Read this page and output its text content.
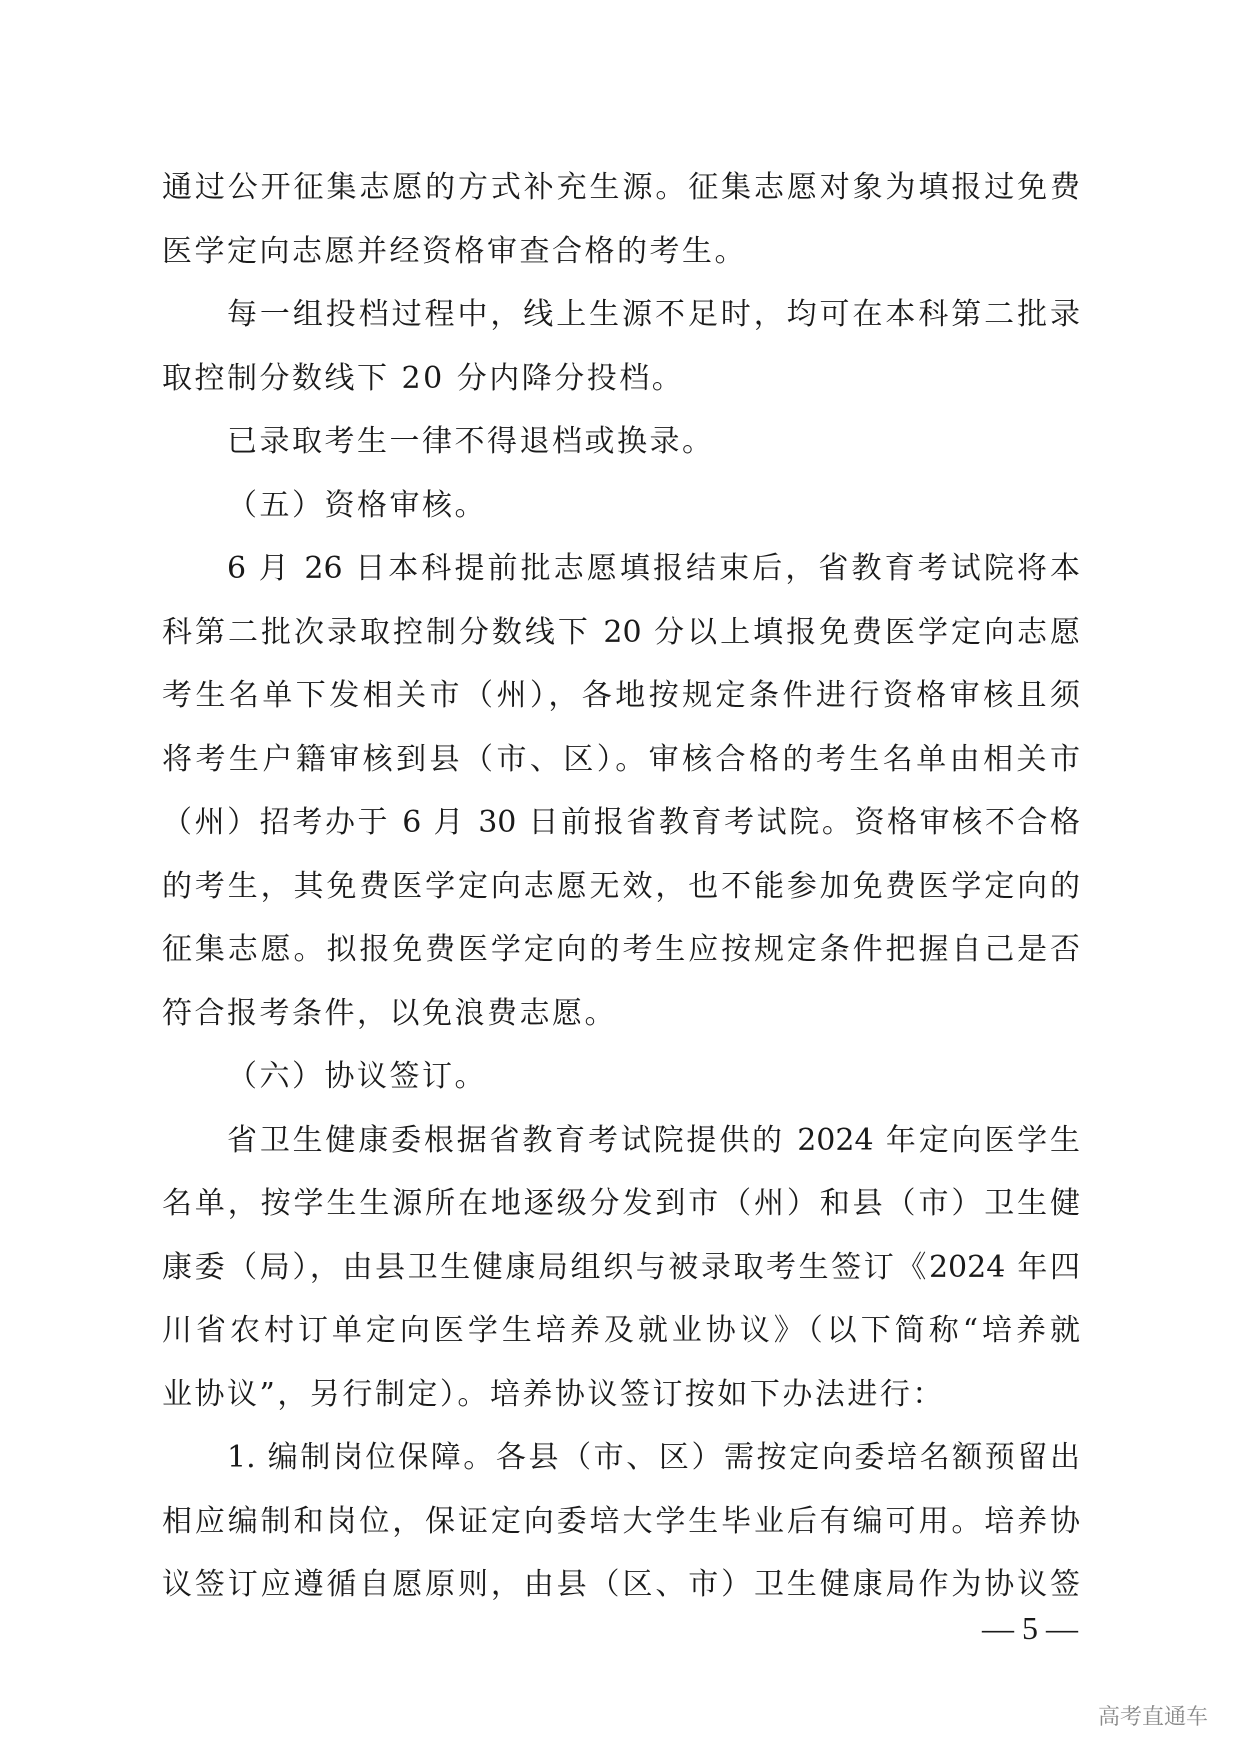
通过公开征集志愿的方式补充生源。征集志愿对象为填报过免费
医学定向志愿并经资格审查合格的考生。
每一组投档过程中，线上生源不足时，均可在本科第二批录
取控制分数线下 20 分内降分投档。
已录取考生一律不得退档或换录。
（五）资格审核。
6 月 26 日本科提前批志愿填报结束后，省教育考试院将本
科第二批次录取控制分数线下 20 分以上填报免费医学定向志愿
考生名单下发相关市（州），各地按规定条件进行资格审核且须
将考生户籍审核到县（市、区）。审核合格的考生名单由相关市
（州）招考办于 6 月 30 日前报省教育考试院。资格审核不合格
的考生，其免费医学定向志愿无效，也不能参加免费医学定向的
征集志愿。拟报免费医学定向的考生应按规定条件把握自己是否
符合报考条件，以免浪费志愿。
（六）协议签订。
省卫生健康委根据省教育考试院提供的 2024 年定向医学生
名单，按学生生源所在地逐级分发到市（州）和县（市）卫生健
康委（局），由县卫生健康局组织与被录取考生签订《2024 年四
川省农村订单定向医学生培养及就业协议》（以下简称“培养就
业协议”，另行制定）。培养协议签订按如下办法进行：
1. 编制岗位保障。各县（市、区）需按定向委培名额预留出
相应编制和岗位，保证定向委培大学生毕业后有编可用。培养协
议签订应遵循自愿原则，由县（区、市）卫生健康局作为协议签
— 5 —
高考直通车
